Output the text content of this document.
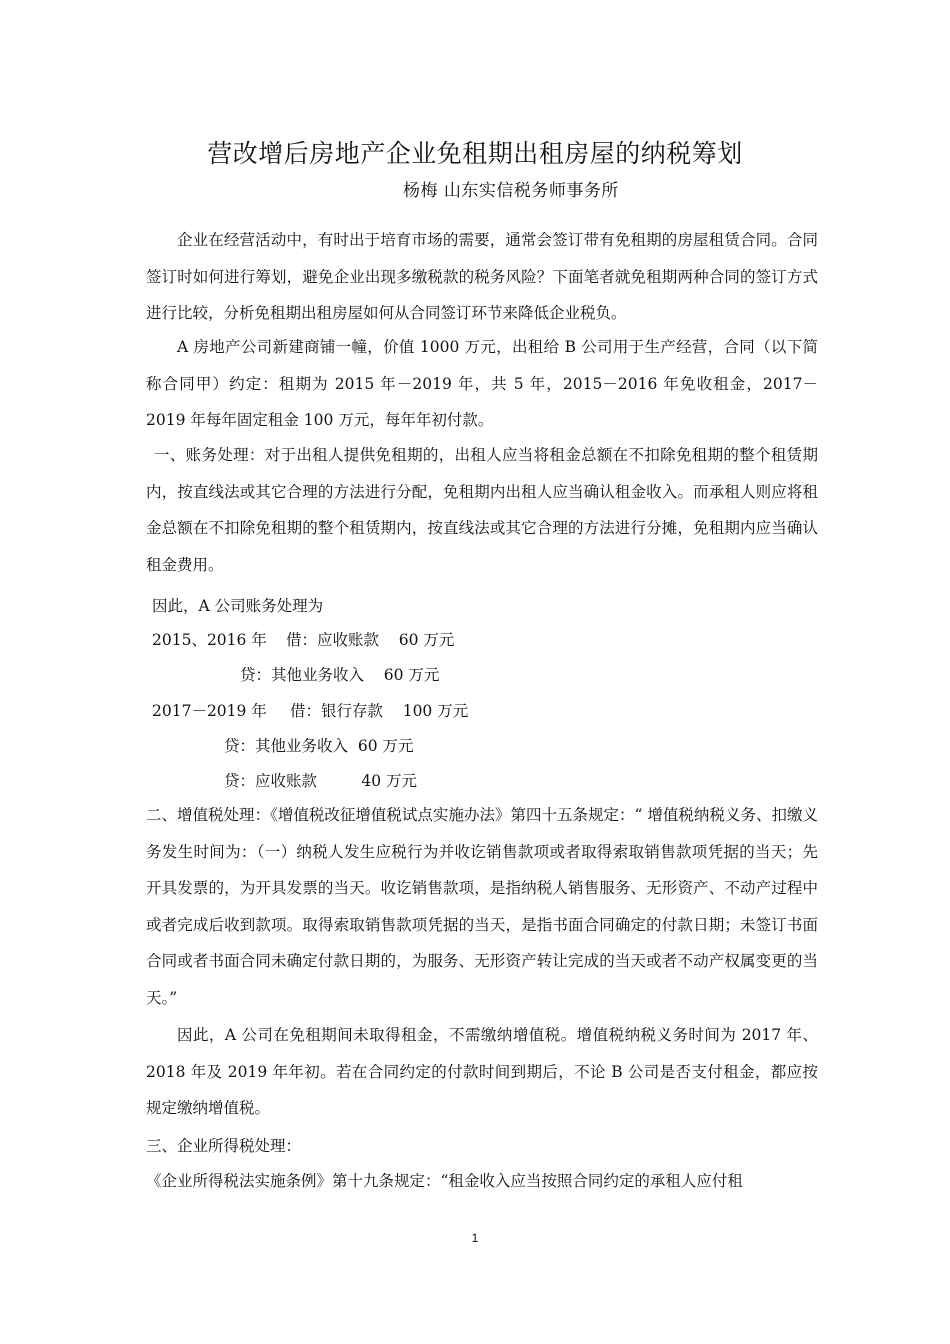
营改增后房地产企业免租期出租房屋的纳税筹划
杨梅 山东实信税务师事务所

企业在经营活动中，有时出于培育市场的需要，通常会签订带有免租期的房屋租赁合同。合同签订时如何进行筹划，避免企业出现多缴税款的税务风险？下面笔者就免租期两种合同的签订方式进行比较，分析免租期出租房屋如何从合同签订环节来降低企业税负。

A 房地产公司新建商铺一幢，价值 1000 万元，出租给 B 公司用于生产经营，合同（以下简称合同甲）约定：租期为 2015 年－2019 年，共 5 年，2015－2016 年免收租金，2017－2019 年每年固定租金 100 万元，每年年初付款。

一、账务处理：对于出租人提供免租期的，出租人应当将租金总额在不扣除免租期的整个租赁期内，按直线法或其它合理的方法进行分配，免租期内出租人应当确认租金收入。而承租人则应将租金总额在不扣除免租期的整个租赁期内，按直线法或其它合理的方法进行分摊，免租期内应当确认租金费用。

因此，A 公司账务处理为
2015、2016 年 借：应收账款    60 万元
贷：其他业务收入    60 万元
2017－2019 年 借：银行存款    100 万元
贷：其他业务收入  60 万元
贷：应收账款         40 万元

二、增值税处理：《增值税改征增值税试点实施办法》第四十五条规定：“ 增值税纳税义务、扣缴义务发生时间为：（一）纳税人发生应税行为并收讫销售款项或者取得索取销售款项凭据的当天；先开具发票的，为开具发票的当天。收讫销售款项，是指纳税人销售服务、无形资产、不动产过程中或者完成后收到款项。取得索取销售款项凭据的当天，是指书面合同确定的付款日期；未签订书面合同或者书面合同未确定付款日期的，为服务、无形资产转让完成的当天或者不动产权属变更的当天。”

因此，A 公司在免租期间未取得租金，不需缴纳增值税。增值税纳税义务时间为 2017 年、2018 年及 2019 年年初。若在合同约定的付款时间到期后，不论 B 公司是否支付租金，都应按规定缴纳增值税。

三、企业所得税处理：
《企业所得税法实施条例》第十九条规定：“租金收入应当按照合同约定的承租人应付租
1
